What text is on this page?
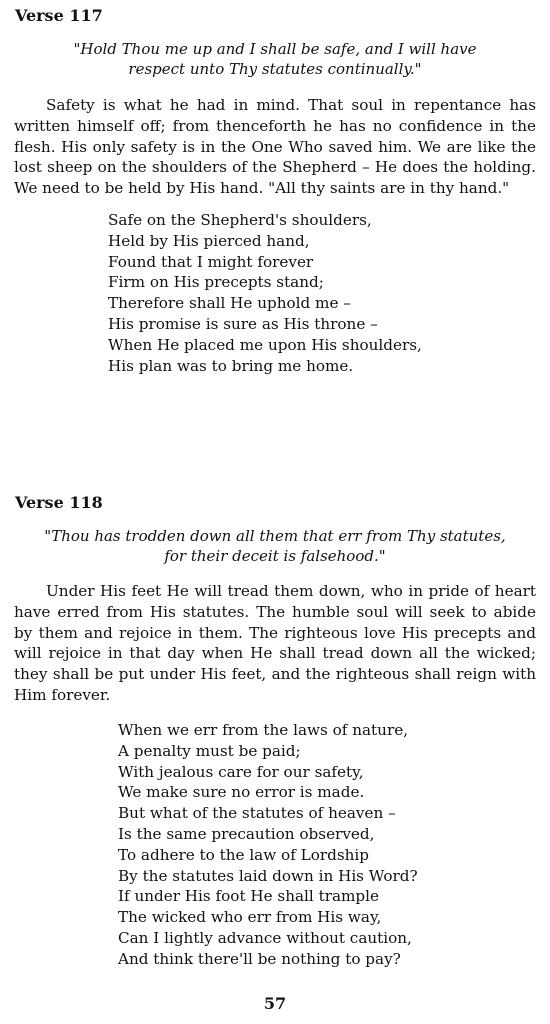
Verse 117
"Hold Thou me up and I shall be safe, and I will have
respect unto Thy statutes continually."
Safety is what he had in mind. That soul in repentance has
written himself off; from thenceforth he has no confidence in the
flesh. His only safety is in the One Who saved him. We are like the
lost sheep on the shoulders of the Shepherd – He does the holding.
We need to be held by His hand. "All thy saints are in thy hand."
Safe on the Shepherd's shoulders,
Held by His pierced hand,
Found that I might forever
Firm on His precepts stand;
Therefore shall He uphold me –
His promise is sure as His throne –
When He placed me upon His shoulders,
His plan was to bring me home.
Verse 118
"Thou has trodden down all them that err from Thy statutes,
for their deceit is falsehood."
Under His feet He will tread them down, who in pride of heart
have erred from His statutes. The humble soul will seek to abide
by them and rejoice in them. The righteous love His precepts and
will rejoice in that day when He shall tread down all the wicked;
they shall be put under His feet, and the righteous shall reign with
Him forever.
When we err from the laws of nature,
A penalty must be paid;
With jealous care for our safety,
We make sure no error is made.
But what of the statutes of heaven –
Is the same precaution observed,
To adhere to the law of Lordship
By the statutes laid down in His Word?
If under His foot He shall trample
The wicked who err from His way,
Can I lightly advance without caution,
And think there'll be nothing to pay?
57
